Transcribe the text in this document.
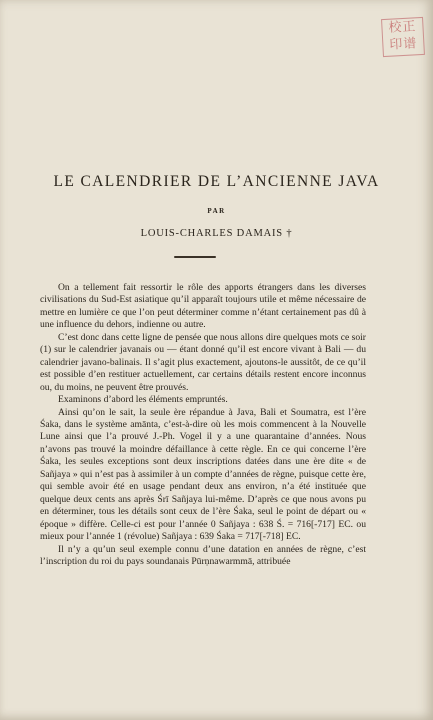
校正
印谱
LE CALENDRIER DE L’ANCIENNE JAVA
PAR
LOUIS-CHARLES DAMAIS †

On a tellement fait ressortir le rôle des apports étrangers dans les diverses civilisations du Sud-Est asiatique qu’il apparaît toujours utile et même nécessaire de mettre en lumière ce que l’on peut déterminer comme n’étant certainement pas dû à une influence du dehors, indienne ou autre.

C’est donc dans cette ligne de pensée que nous allons dire quelques mots ce soir (1) sur le calendrier javanais ou — étant donné qu’il est encore vivant à Bali — du calendrier javano-balinais. Il s’agit plus exactement, ajoutons-le aussitôt, de ce qu’il est possible d’en restituer actuellement, car certains détails restent encore inconnus ou, du moins, ne peuvent être prouvés.

Examinons d’abord les éléments empruntés.

Ainsi qu’on le sait, la seule ère répandue à Java, Bali et Soumatra, est l’ère Śaka, dans le système amānta, c’est-à-dire où les mois commencent à la Nouvelle Lune ainsi que l’a prouvé J.-Ph. Vogel il y a une quarantaine d’années. Nous n’avons pas trouvé la moindre défaillance à cette règle. En ce qui concerne l’ère Śaka, les seules exceptions sont deux inscriptions datées dans une ère dite « de Sañjaya » qui n’est pas à assimiler à un compte d’années de règne, puisque cette ère, qui semble avoir été en usage pendant deux ans environ, n’a été instituée que quelque deux cents ans après Śrī Sañjaya lui-même. D’après ce que nous avons pu en déterminer, tous les détails sont ceux de l’ère Śaka, seul le point de départ ou « époque » diffère. Celle-ci est pour l’année 0 Sañjaya : 638 Ś. = 716[-717] EC. ou mieux pour l’année 1 (révolue) Sañjaya : 639 Śaka = 717[-718] EC.

Il n’y a qu’un seul exemple connu d’une datation en années de règne, c’est l’inscription du roi du pays soundanais Pūrṇnawarmmā, attribuée
